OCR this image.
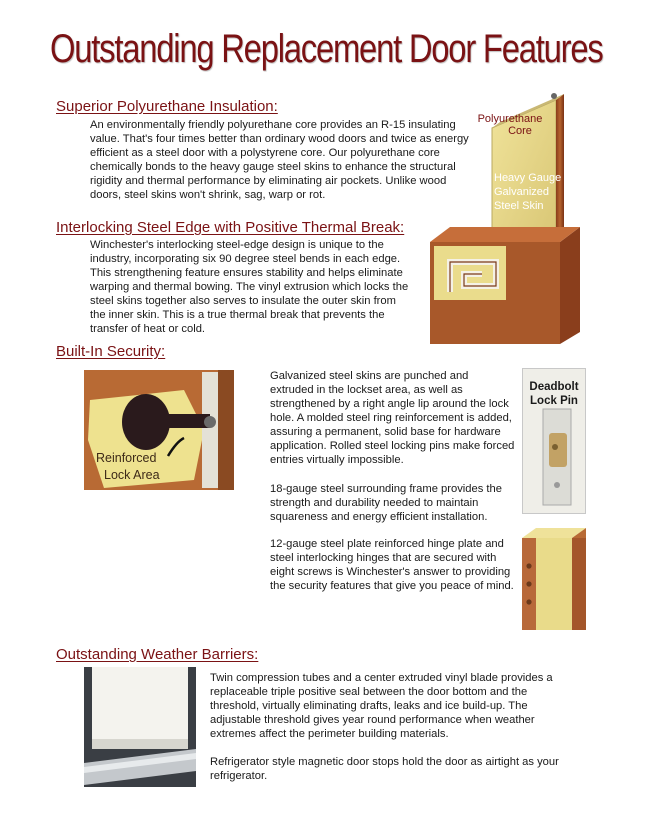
Outstanding Replacement Door Features
Superior Polyurethane Insulation:

An environmentally friendly polyurethane core provides an R-15 insulating value. That's four times better than ordinary wood doors and twice as energy efficient as a steel door with a polystyrene core. Our polyurethane core chemically bonds to the heavy gauge steel skins to enhance the structural rigidity and thermal performance by eliminating air pockets. Unlike wood doors, steel skins won't shrink, sag, warp or rot.

Polyurethane
Core
Heavy Gauge
Galvanized
Steel Skin
Interlocking Steel Edge with Positive Thermal Break:

Winchester's interlocking steel-edge design is unique to the industry, incorporating six 90 degree steel bends in each edge. This strengthening feature ensures stability and helps eliminate warping and thermal bowing. The vinyl extrusion which locks the steel skins together also serves to insulate the outer skin from the inner skin. This is a true thermal break that prevents the transfer of heat or cold.

Built-In Security:
Reinforced
Lock Area

Galvanized steel skins are punched and extruded in the lockset area, as well as strengthened by a right angle lip around the lock hole. A molded steel ring reinforcement is added, assuring a permanent, solid base for hardware application. Rolled steel locking pins make forced entries virtually impossible.

18-gauge steel surrounding frame provides the strength and durability needed to maintain squareness and energy efficient installation.

12-gauge steel plate reinforced hinge plate and steel interlocking hinges that are secured with eight screws is Winchester's answer to providing the security features that give you peace of mind.

Deadbolt
Lock Pin
Outstanding Weather Barriers:

Twin compression tubes and a center extruded vinyl blade provides a replaceable triple positive seal between the door bottom and the threshold, virtually eliminating drafts, leaks and ice build-up. The adjustable threshold gives year round performance when weather extremes affect the perimeter building materials.

Refrigerator style magnetic door stops hold the door as airtight as your refrigerator.
